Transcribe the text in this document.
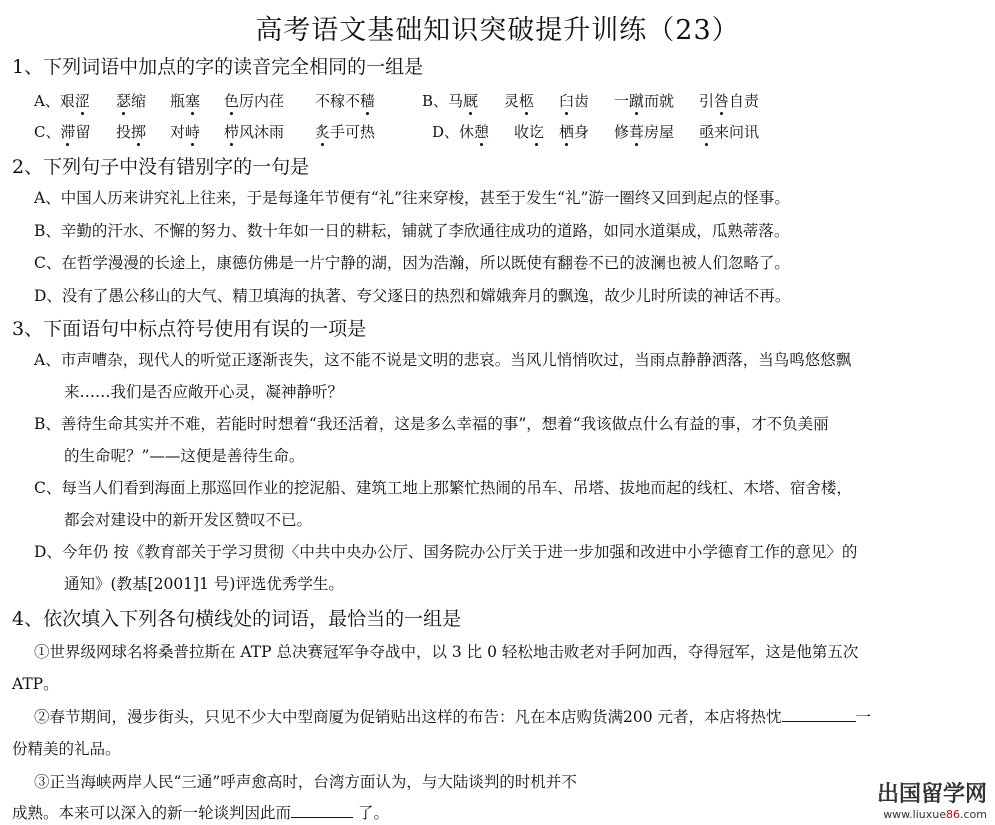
高考语文基础知识突破提升训练（23）
1、下列词语中加点的字的读音完全相同的一组是
A、艰涩 瑟缩 瓶塞 色厉内荏 不稼不穑	B、马厩 灵柩 臼齿 一蹴而就 引咎自责
C、滞留 投掷 对峙 栉风沐雨 炙手可热	D、休憩 收讫 栖身 修葺房屋 亟来问讯
2、下列句子中没有错别字的一句是
A、中国人历来讲究礼上往来，于是每逢年节便有“礼”往来穿梭，甚至于发生“礼”游一圈终又回到起点的怪事。
B、辛勤的汗水、不懈的努力、数十年如一日的耕耘，铺就了李欣通往成功的道路，如同水道渠成，瓜熟蒂落。
C、在哲学漫漫的长途上，康德仿佛是一片宁静的湖，因为浩瀚，所以既使有翻卷不已的波澜也被人们忽略了。
D、没有了愚公移山的大气、精卫填海的执著、夸父逐日的热烈和嫦娥奔月的飘逸，故少儿时所读的神话不再。
3、下面语句中标点符号使用有误的一项是
A、市声嘈杂，现代人的听觉正逐渐丧失，这不能不说是文明的悲哀。当风儿悄悄吹过，当雨点静静洒落，当鸟鸣悠悠飘
来……我们是否应敞开心灵，凝神静听？
B、善待生命其实并不难，若能时时想着“我还活着，这是多么幸福的事”，想着“我该做点什么有益的事，才不负美丽
的生命呢？”——这便是善待生命。
C、每当人们看到海面上那巡回作业的挖泥船、建筑工地上那繁忙热闹的吊车、吊塔、拔地而起的线杠、木塔、宿舍楼，
都会对建设中的新开发区赞叹不已。
D、今年仍 按《教育部关于学习贯彻〈中共中央办公厅、国务院办公厅关于进一步加强和改进中小学德育工作的意见〉的
通知》(教基[2001]1 号)评选优秀学生。
4、依次填入下列各句横线处的词语，最恰当的一组是
①世界级网球名将桑普拉斯在 ATP 总决赛冠军争夺战中，以 3 比 0 轻松地击败老对手阿加西，夺得冠军，这是他第五次
ATP。
②春节期间，漫步街头，只见不少大中型商厦为促销贴出这样的布告：凡在本店购货满200 元者，本店将热忱	一
份精美的礼品。
③正当海峡两岸人民“三通”呼声愈高时，台湾方面认为，与大陆谈判的时机并不
成熟。本来可以深入的新一轮谈判因此而	了。
出国留学网
www.liuxue86.com
